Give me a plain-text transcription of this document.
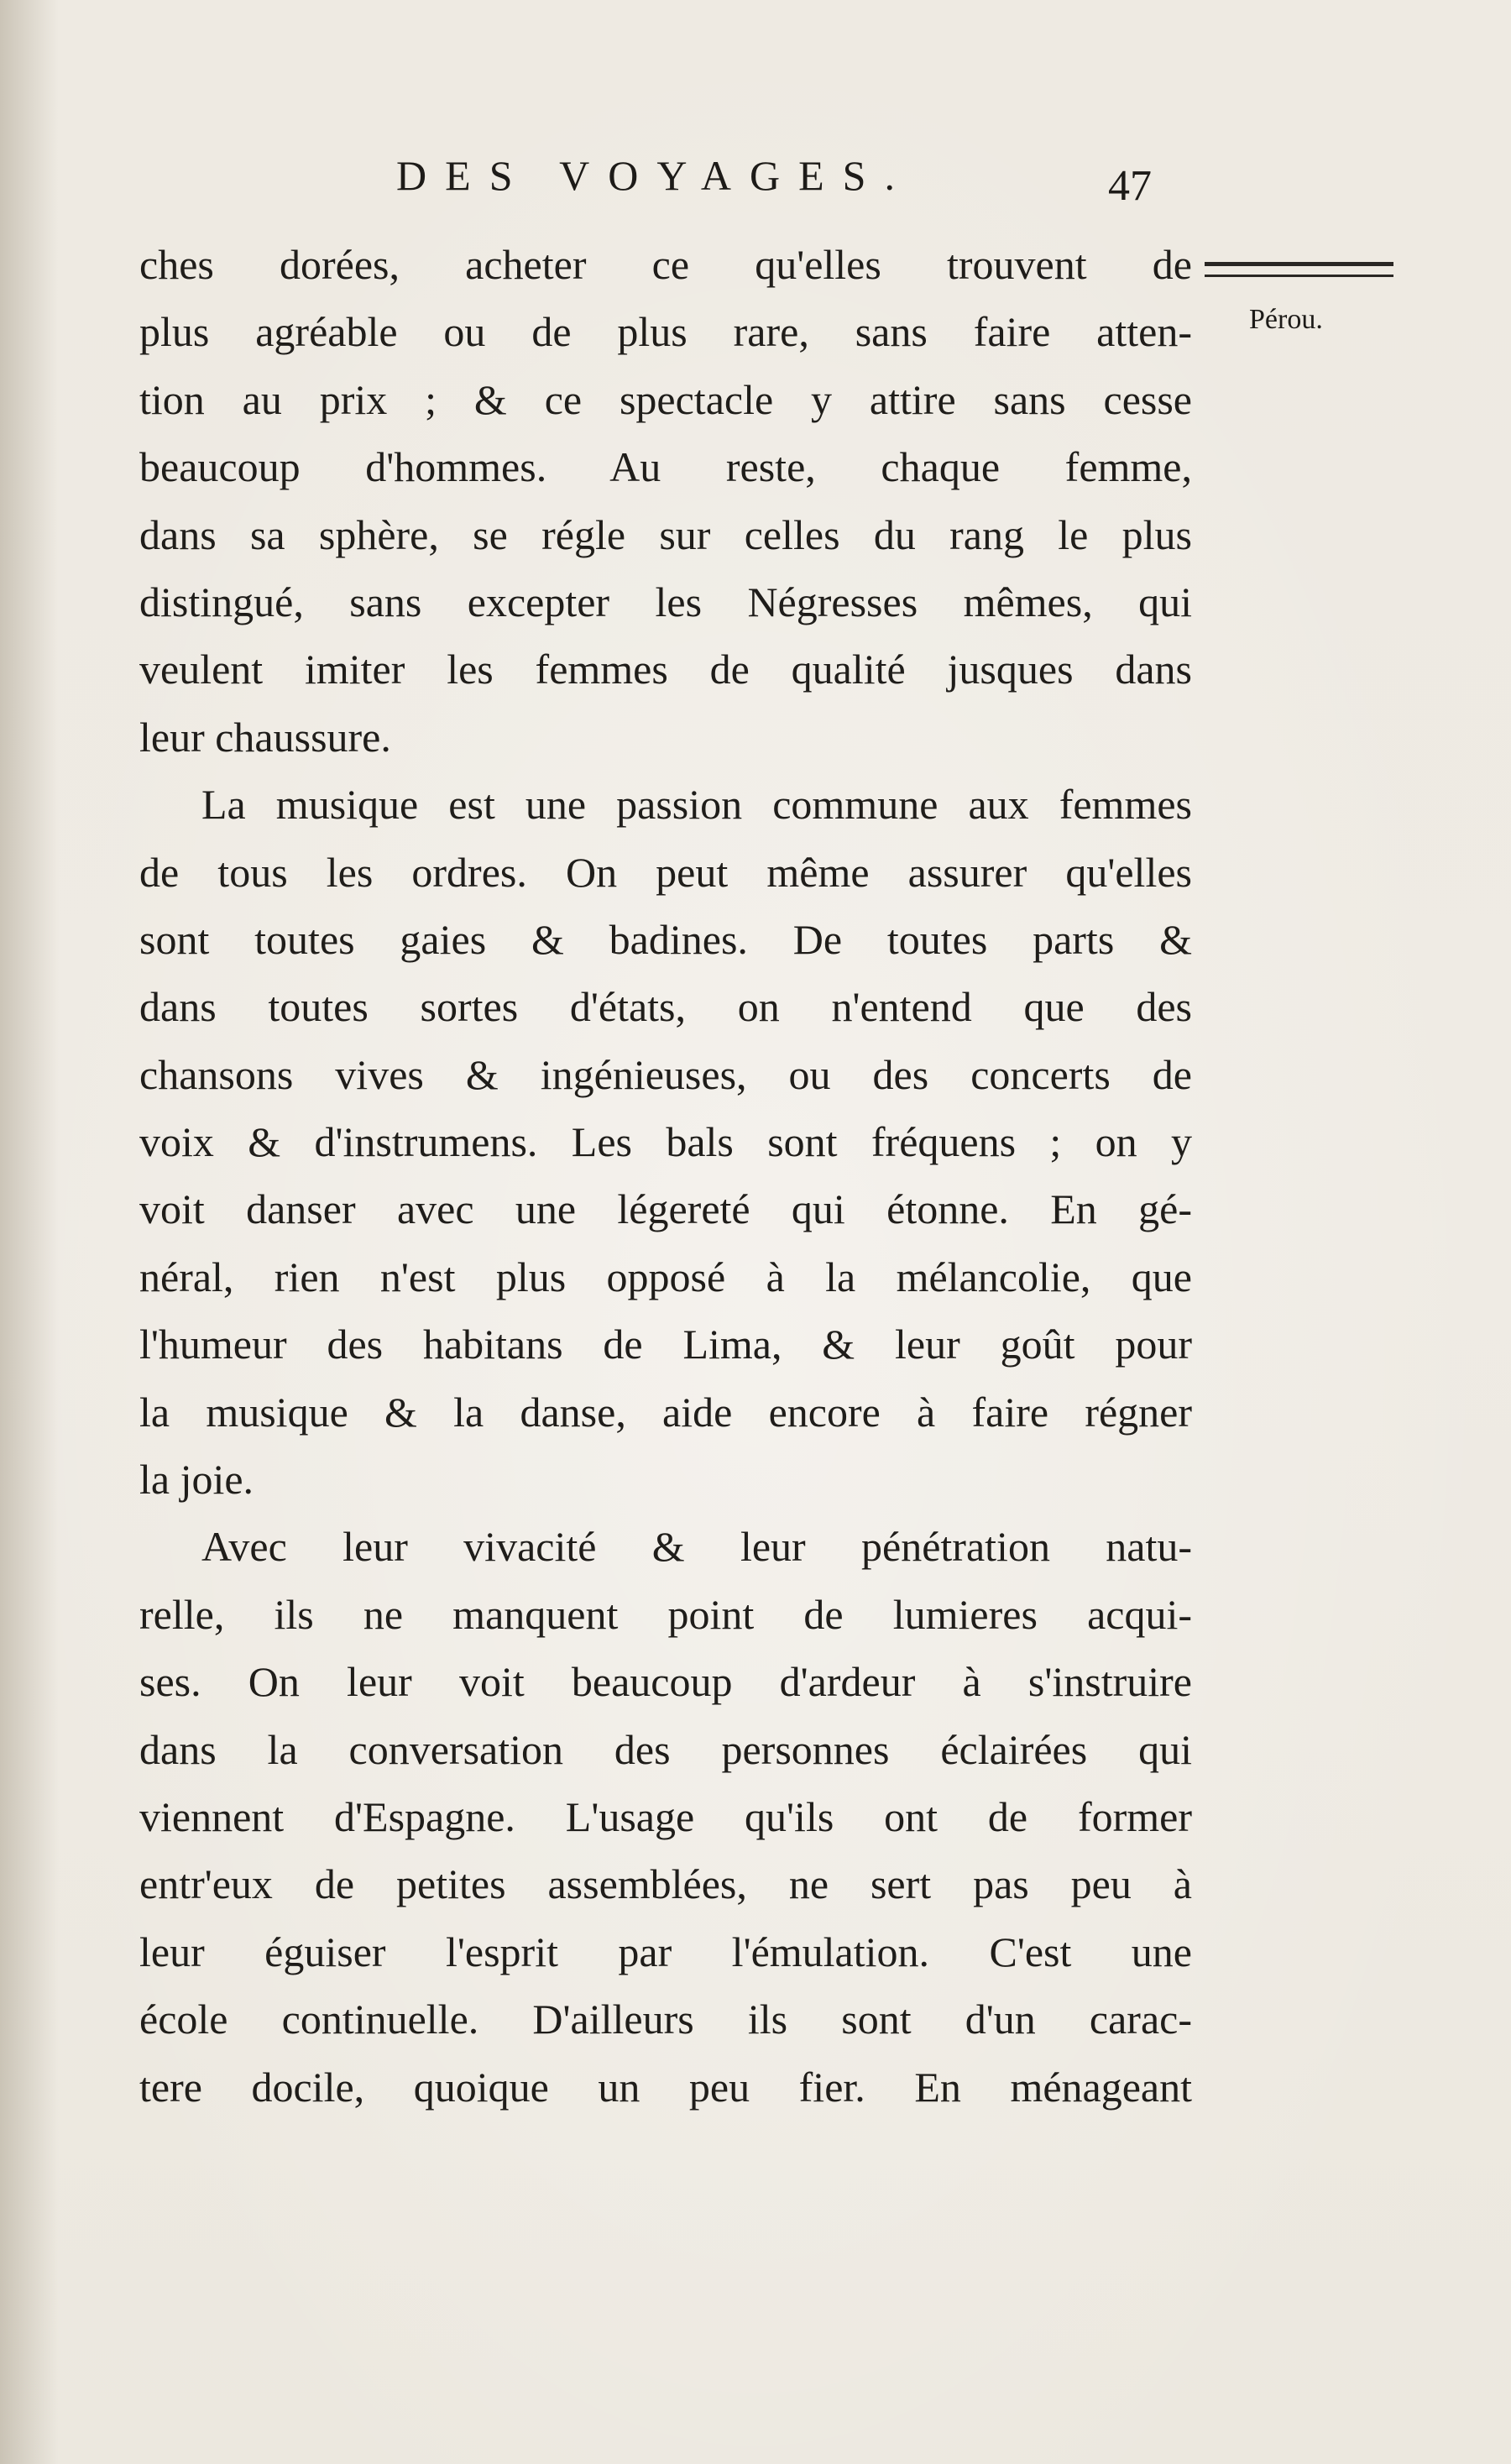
DES VOYAGES.	47
Pérou.
ches dorées, acheter ce qu'elles trouvent de
plus agréable ou de plus rare, sans faire atten-
tion au prix ; & ce spectacle y attire sans cesse
beaucoup d'hommes. Au reste, chaque femme,
dans sa sphère, se régle sur celles du rang le plus
distingué, sans excepter les Négresses mêmes, qui
veulent imiter les femmes de qualité jusques dans
leur chaussure.
La musique est une passion commune aux femmes
de tous les ordres. On peut même assurer qu'elles
sont toutes gaies & badines. De toutes parts &
dans toutes sortes d'états, on n'entend que des
chansons vives & ingénieuses, ou des concerts de
voix & d'instrumens. Les bals sont fréquens ; on y
voit danser avec une légereté qui étonne. En gé-
néral, rien n'est plus opposé à la mélancolie, que
l'humeur des habitans de Lima, & leur goût pour
la musique & la danse, aide encore à faire régner
la joie.
Avec leur vivacité & leur pénétration natu-
relle, ils ne manquent point de lumieres acqui-
ses. On leur voit beaucoup d'ardeur à s'instruire
dans la conversation des personnes éclairées qui
viennent d'Espagne. L'usage qu'ils ont de former
entr'eux de petites assemblées, ne sert pas peu à
leur éguiser l'esprit par l'émulation. C'est une
école continuelle. D'ailleurs ils sont d'un carac-
tere docile, quoique un peu fier. En ménageant
